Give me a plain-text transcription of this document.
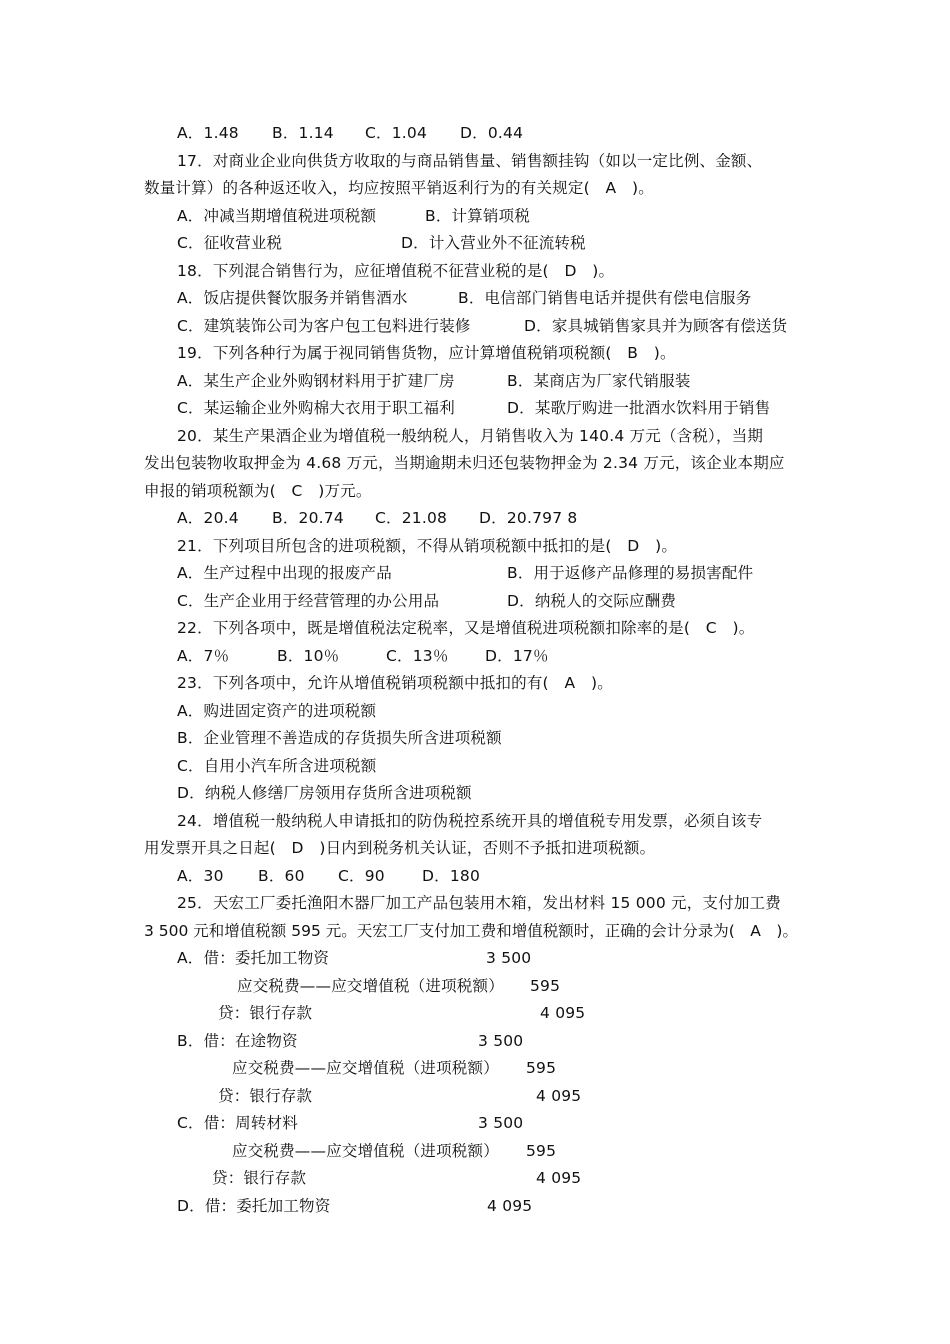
A．1.48 B．1.14 C．1.04 D．0.44
17．对商业企业向供货方收取的与商品销售量、销售额挂钩（如以一定比例、金额、
数量计算）的各种返还收入，均应按照平销返利行为的有关规定(　A　)。
A．冲减当期增值税进项税额	B．计算销项税
C．征收营业税	D．计入营业外不征流转税
18．下列混合销售行为，应征增值税不征营业税的是(　D　)。
A．饭店提供餐饮服务并销售酒水	B．电信部门销售电话并提供有偿电信服务
C．建筑装饰公司为客户包工包料进行装修	D．家具城销售家具并为顾客有偿送货
19．下列各种行为属于视同销售货物，应计算增值税销项税额(　B　)。
A．某生产企业外购钢材料用于扩建厂房	B．某商店为厂家代销服装
C．某运输企业外购棉大衣用于职工福利	D．某歌厅购进一批酒水饮料用于销售
20．某生产果酒企业为增值税一般纳税人，月销售收入为 140.4 万元（含税），当期
发出包装物收取押金为 4.68 万元，当期逾期未归还包装物押金为 2.34 万元，该企业本期应
申报的销项税额为(　C　)万元。
A．20.4 B．20.74 C．21.08 D．20.797 8
21．下列项目所包含的进项税额，不得从销项税额中抵扣的是(　D　)。
A．生产过程中出现的报废产品	B．用于返修产品修理的易损害配件
C．生产企业用于经营管理的办公用品	D．纳税人的交际应酬费
22．下列各项中，既是增值税法定税率，又是增值税进项税额扣除率的是(　C　)。
A．7％	B．10％	C．13％ D．17％
23．下列各项中，允许从增值税销项税额中抵扣的有(　A　)。
A．购进固定资产的进项税额
B．企业管理不善造成的存货损失所含进项税额
C．自用小汽车所含进项税额
D．纳税人修缮厂房领用存货所含进项税额
24．增值税一般纳税人申请抵扣的防伪税控系统开具的增值税专用发票，必须自该专
用发票开具之日起(　D　)日内到税务机关认证，否则不予抵扣进项税额。
A．30 B．60 C．90 D．180
25．天宏工厂委托渔阳木器厂加工产品包装用木箱，发出材料 15 000 元，支付加工费
3 500 元和增值税额 595 元。天宏工厂支付加工费和增值税额时，正确的会计分录为(　A　)。
A．借：委托加工物资	3 500
应交税费——应交增值税（进项税额） 595
贷：银行存款	4 095
B．借：在途物资	3 500
应交税费——应交增值税（进项税额） 595
贷：银行存款	4 095
C．借：周转材料	3 500
应交税费——应交增值税（进项税额） 595
贷：银行存款	4 095
D．借：委托加工物资	4 095
